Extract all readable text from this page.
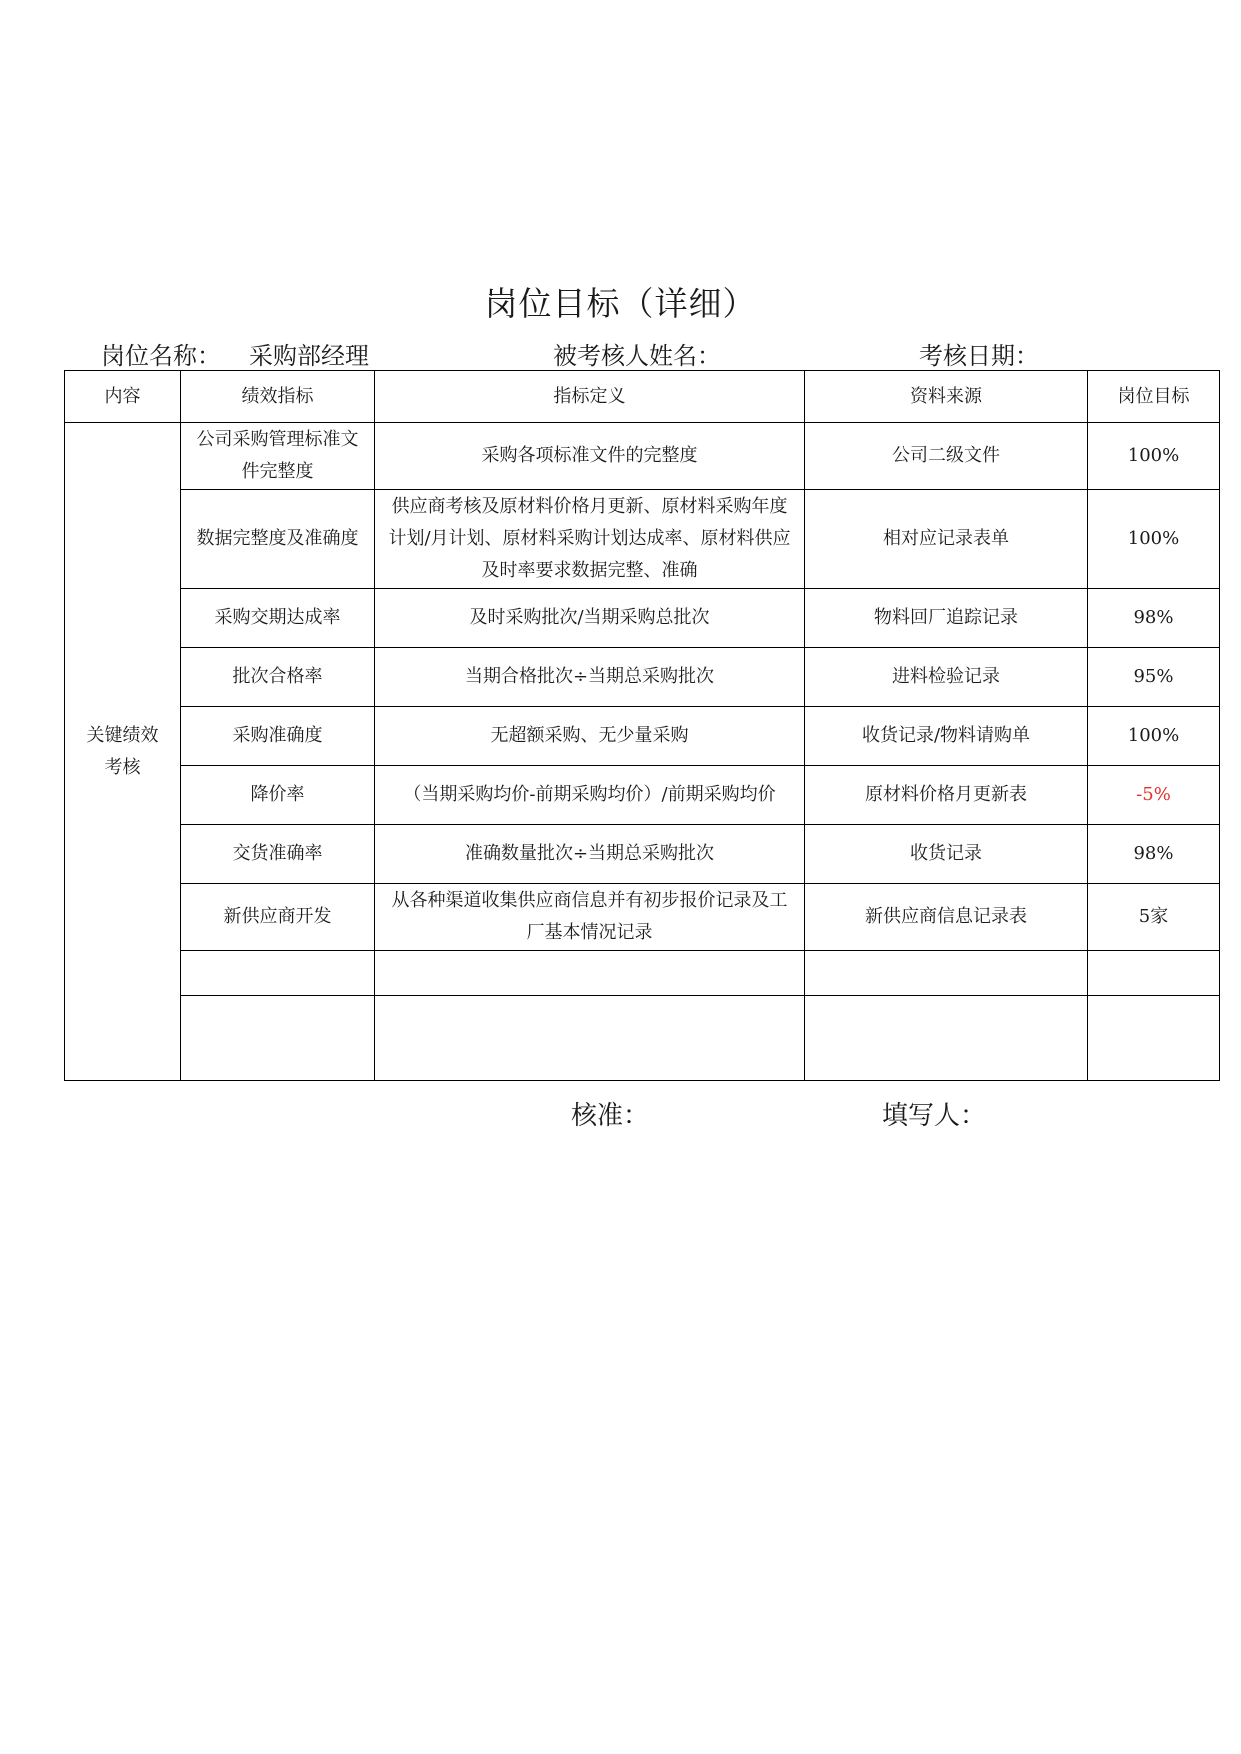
岗位目标（详细）
岗位名称： 采购部经理	被考核人姓名：	考核日期：
内容	绩效指标	指标定义	资料来源	岗位目标
关键绩效考核	公司采购管理标准文件完整度	采购各项标准文件的完整度	公司二级文件	100%
	数据完整度及准确度	供应商考核及原材料价格月更新、原材料采购年度计划/月计划、原材料采购计划达成率、原材料供应及时率要求数据完整、准确	相对应记录表单	100%
	采购交期达成率	及时采购批次/当期采购总批次	物料回厂追踪记录	98%
	批次合格率	当期合格批次÷当期总采购批次	进料检验记录	95%
	采购准确度	无超额采购、无少量采购	收货记录/物料请购单	100%
	降价率	（当期采购均价-前期采购均价）/前期采购均价	原材料价格月更新表	-5%
	交货准确率	准确数量批次÷当期总采购批次	收货记录	98%
	新供应商开发	从各种渠道收集供应商信息并有初步报价记录及工厂基本情况记录	新供应商信息记录表	5家

核准：	填写人：
